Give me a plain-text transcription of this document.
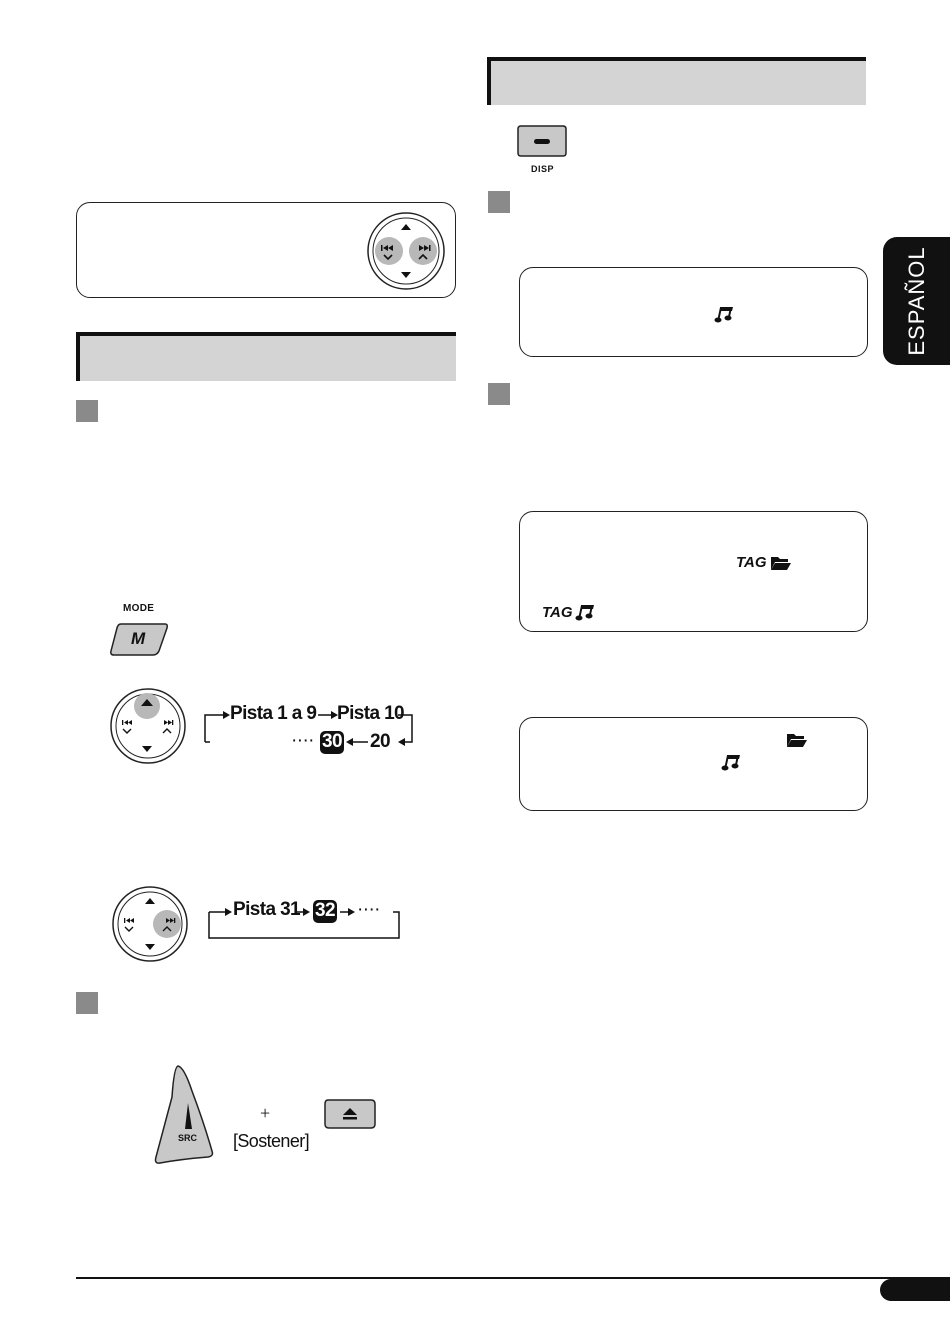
ESPAÑOL
MODE
M
Pista 1 a 9 Pista 10
···· 30 20
Pista 31 32 ····
SRC
+
[Sostener]
DISP
TAG
TAG
